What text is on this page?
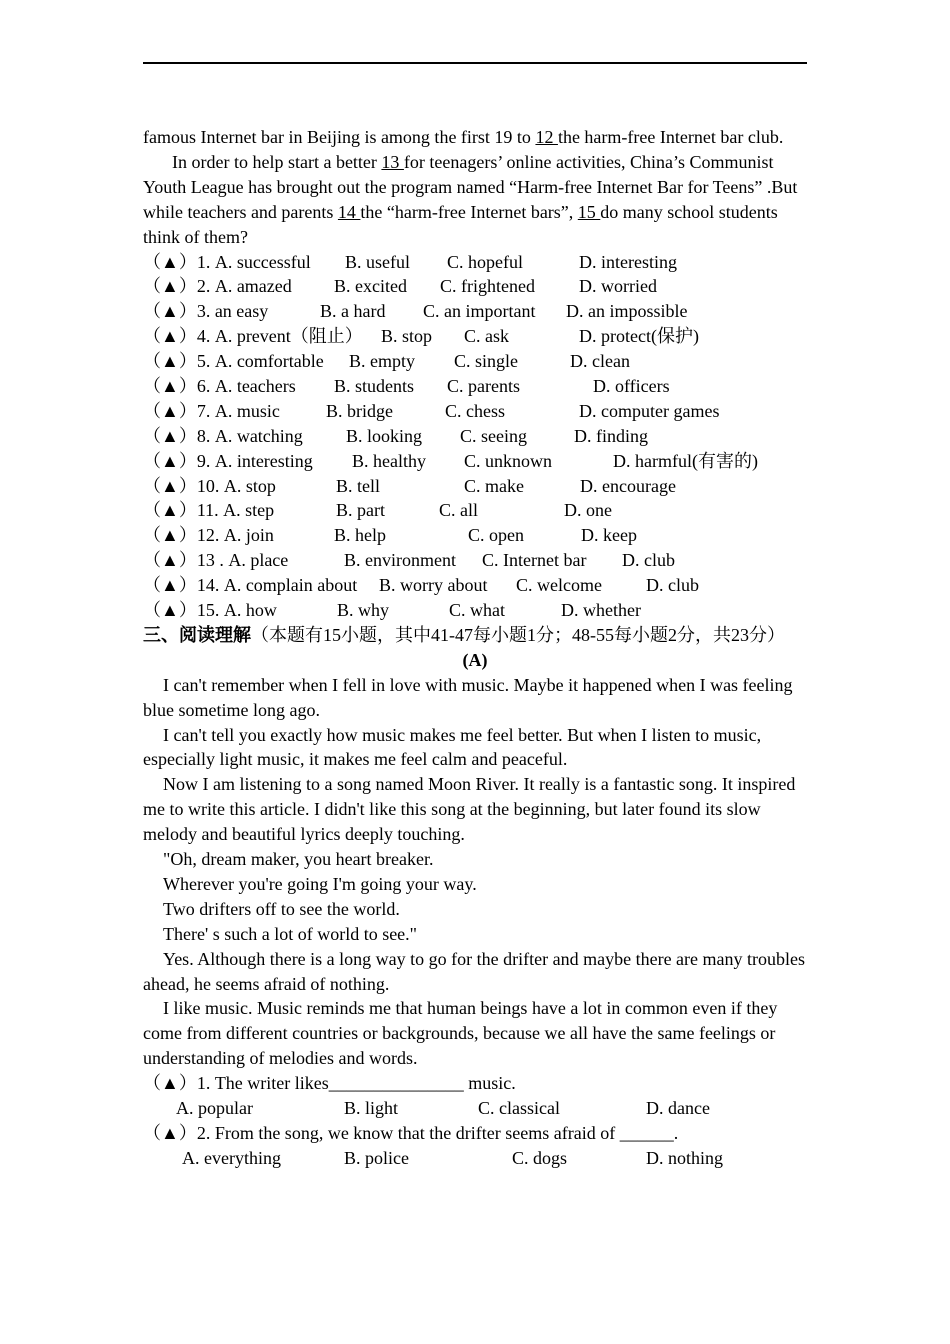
famous Internet bar in Beijing is among the first 19 to 12 the harm-free Internet bar club.

In order to help start a better 13 for teenagers’ online activities, China’s Communist Youth League has brought out the program named “Harm-free Internet Bar for Teens” .But while teachers and parents 14 the “harm-free Internet bars”, 15 do many school students think of them?

（▲）1. A. successful B. useful C. hopeful	D. interesting
（▲）2. A. amazed B. excited C. frightened D. worried
（▲）3. an easy	B. a hard C. an important D. an impossible
（▲）4. A. prevent（阻止） B. stop C. ask	D. protect(保护)
（▲）5. A. comfortable B. empty C. single	D. clean
（▲）6. A. teachers B. students C. parents	D. officers
（▲）7. A. music	B. bridge	C. chess	D. computer games
（▲）8. A. watching B. looking C. seeing	D. finding
（▲）9. A. interesting B. healthy C. unknown	D. harmful(有害的)
（▲）10. A. stop	B. tell	C. make	D. encourage
（▲）11. A. step	B. part	C. all	D. one
（▲）12. A. join	B. help	C. open	D. keep
（▲）13 . A. place	B. environment C. Internet bar D. club
（▲）14. A. complain about B. worry about C. welcome D. club
（▲）15. A. how	B. why	C. what	D. whether

三、阅读理解（本题有15小题，其中41-47每小题1分；48-55每小题2分，共23分）

(A)

I can't remember when I fell in love with music. Maybe it happened when I was feeling blue sometime long ago.

I can't tell you exactly how music makes me feel better. But when I listen to music, especially light music, it makes me feel calm and peaceful.

Now I am listening to a song named Moon River. It really is a fantastic song. It inspired me to write this article. I didn't like this song at the beginning, but later found its slow melody and beautiful lyrics deeply touching.

"Oh, dream maker, you heart breaker.

Wherever you're going I'm going your way.

Two drifters off to see the world.

There' s such a lot of world to see."

Yes. Although there is a long way to go for the drifter and maybe there are many troubles ahead, he seems afraid of nothing.

I like music. Music reminds me that human beings have a lot in common even if they come from different countries or backgrounds, because we all have the same feelings or understanding of melodies and words.

（▲）1. The writer likes_______________ music.

A. popular	B. light	C. classical	D. dance

（▲）2. From the song, we know that the drifter seems afraid of ______.

A. everything	B. police	C. dogs	D. nothing
